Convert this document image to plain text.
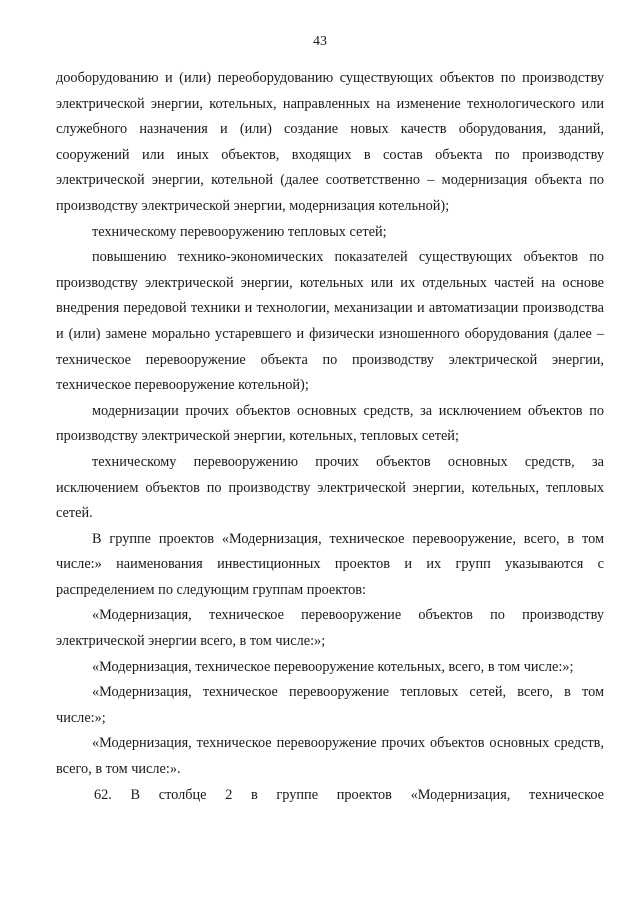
43

дооборудованию и (или) переоборудованию существующих объектов по производству электрической энергии, котельных, направленных на изменение технологического или служебного назначения и (или) создание новых качеств оборудования, зданий, сооружений или иных объектов, входящих в состав объекта по производству электрической энергии, котельной (далее соответственно – модернизация объекта по производству электрической энергии, модернизация котельной);

техническому перевооружению тепловых сетей;

повышению технико-экономических показателей существующих объектов по производству электрической энергии, котельных или их отдельных частей на основе внедрения передовой техники и технологии, механизации и автоматизации производства и (или) замене морально устаревшего и физически изношенного оборудования (далее – техническое перевооружение объекта по производству электрической энергии, техническое перевооружение котельной);

модернизации прочих объектов основных средств, за исключением объектов по производству электрической энергии, котельных, тепловых сетей;

техническому перевооружению прочих объектов основных средств, за исключением объектов по производству электрической энергии, котельных, тепловых сетей.

В группе проектов «Модернизация, техническое перевооружение, всего, в том числе:» наименования инвестиционных проектов и их групп указываются с распределением по следующим группам проектов:

«Модернизация, техническое перевооружение объектов по производству электрической энергии всего, в том числе:»;

«Модернизация, техническое перевооружение котельных, всего, в том числе:»;

«Модернизация, техническое перевооружение тепловых сетей, всего, в том числе:»;

«Модернизация, техническое перевооружение прочих объектов основных средств, всего, в том числе:».

62. В столбце 2 в группе проектов «Модернизация, техническое
